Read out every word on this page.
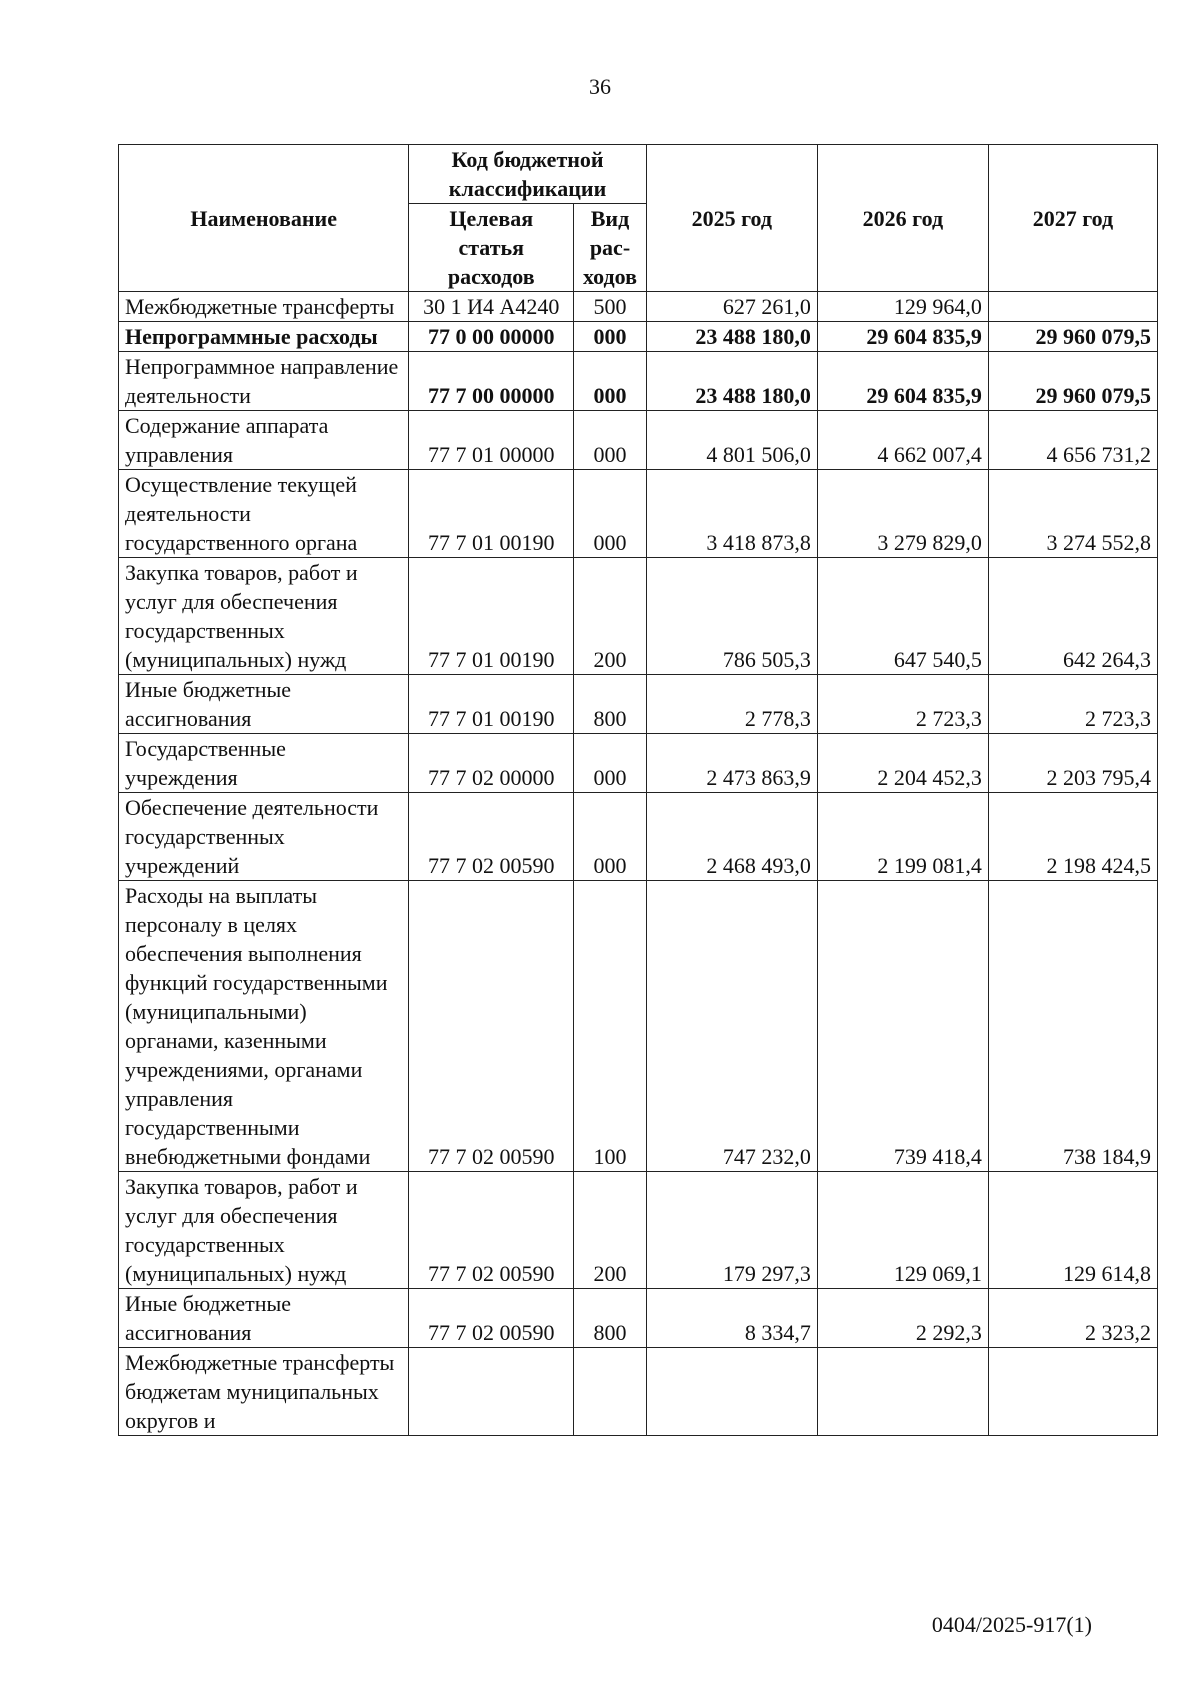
36
Наименование	Код бюджетной классификации		2025 год	2026 год	2027 год
	Целевая статья расходов	Вид рас-ходов			
Межбюджетные трансферты	30 1 И4 А4240	500	627 261,0	129 964,0	
Непрограммные расходы	77 0 00 00000	000	23 488 180,0	29 604 835,9	29 960 079,5
Непрограммное направление деятельности	77 7 00 00000	000	23 488 180,0	29 604 835,9	29 960 079,5
Содержание аппарата управления	77 7 01 00000	000	4 801 506,0	4 662 007,4	4 656 731,2
Осуществление текущей деятельности государственного органа	77 7 01 00190	000	3 418 873,8	3 279 829,0	3 274 552,8
Закупка товаров, работ и услуг для обеспечения государственных (муниципальных) нужд	77 7 01 00190	200	786 505,3	647 540,5	642 264,3
Иные бюджетные ассигнования	77 7 01 00190	800	2 778,3	2 723,3	2 723,3
Государственные учреждения	77 7 02 00000	000	2 473 863,9	2 204 452,3	2 203 795,4
Обеспечение деятельности государственных учреждений	77 7 02 00590	000	2 468 493,0	2 199 081,4	2 198 424,5
Расходы на выплаты персоналу в целях обеспечения выполнения функций государственными (муниципальными) органами, казенными учреждениями, органами управления государственными внебюджетными фондами	77 7 02 00590	100	747 232,0	739 418,4	738 184,9
Закупка товаров, работ и услуг для обеспечения государственных (муниципальных) нужд	77 7 02 00590	200	179 297,3	129 069,1	129 614,8
Иные бюджетные ассигнования	77 7 02 00590	800	8 334,7	2 292,3	2 323,2
Межбюджетные трансферты бюджетам муниципальных округов и					
0404/2025-917(1)
